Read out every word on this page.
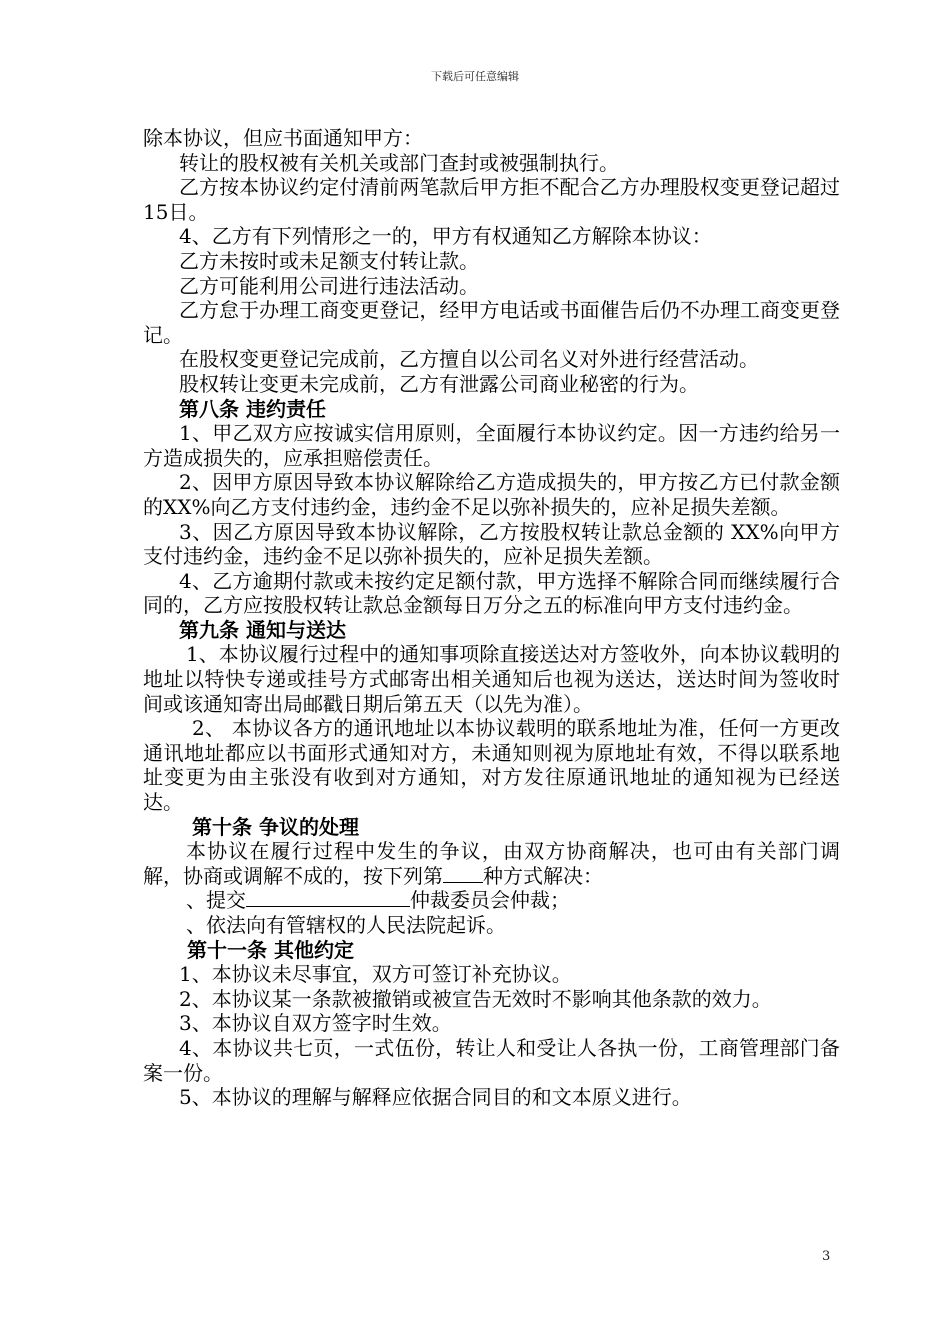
下载后可任意编辑

除本协议，但应书面通知甲方：

转让的股权被有关机关或部门查封或被强制执行。

乙方按本协议约定付清前两笔款后甲方拒不配合乙方办理股权变更登记超过15日。

4、乙方有下列情形之一的，甲方有权通知乙方解除本协议：

乙方未按时或未足额支付转让款。

乙方可能利用公司进行违法活动。

乙方怠于办理工商变更登记，经甲方电话或书面催告后仍不办理工商变更登记。

在股权变更登记完成前，乙方擅自以公司名义对外进行经营活动。

股权转让变更未完成前，乙方有泄露公司商业秘密的行为。

第八条 违约责任

1、甲乙双方应按诚实信用原则，全面履行本协议约定。因一方违约给另一方造成损失的，应承担赔偿责任。

2、因甲方原因导致本协议解除给乙方造成损失的，甲方按乙方已付款金额的XX%向乙方支付违约金，违约金不足以弥补损失的，应补足损失差额。

3、因乙方原因导致本协议解除，乙方按股权转让款总金额的 XX%向甲方支付违约金，违约金不足以弥补损失的，应补足损失差额。

4、乙方逾期付款或未按约定足额付款，甲方选择不解除合同而继续履行合同的，乙方应按股权转让款总金额每日万分之五的标准向甲方支付违约金。

第九条 通知与送达

1、本协议履行过程中的通知事项除直接送达对方签收外，向本协议载明的地址以特快专递或挂号方式邮寄出相关通知后也视为送达，送达时间为签收时间或该通知寄出局邮戳日期后第五天（以先为准）。

2、 本协议各方的通讯地址以本协议载明的联系地址为准，任何一方更改通讯地址都应以书面形式通知对方，未通知则视为原地址有效，不得以联系地址变更为由主张没有收到对方通知，对方发往原通讯地址的通知视为已经送达。

第十条 争议的处理

本协议在履行过程中发生的争议，由双方协商解决，也可由有关部门调解，协商或调解不成的，按下列第 种方式解决：

、提交	仲裁委员会仲裁；

、依法向有管辖权的人民法院起诉。

第十一条 其他约定

1、本协议未尽事宜，双方可签订补充协议。

2、本协议某一条款被撤销或被宣告无效时不影响其他条款的效力。

3、本协议自双方签字时生效。

4、本协议共七页，一式伍份，转让人和受让人各执一份，工商管理部门备案一份。

5、本协议的理解与解释应依据合同目的和文本原义进行。

3
